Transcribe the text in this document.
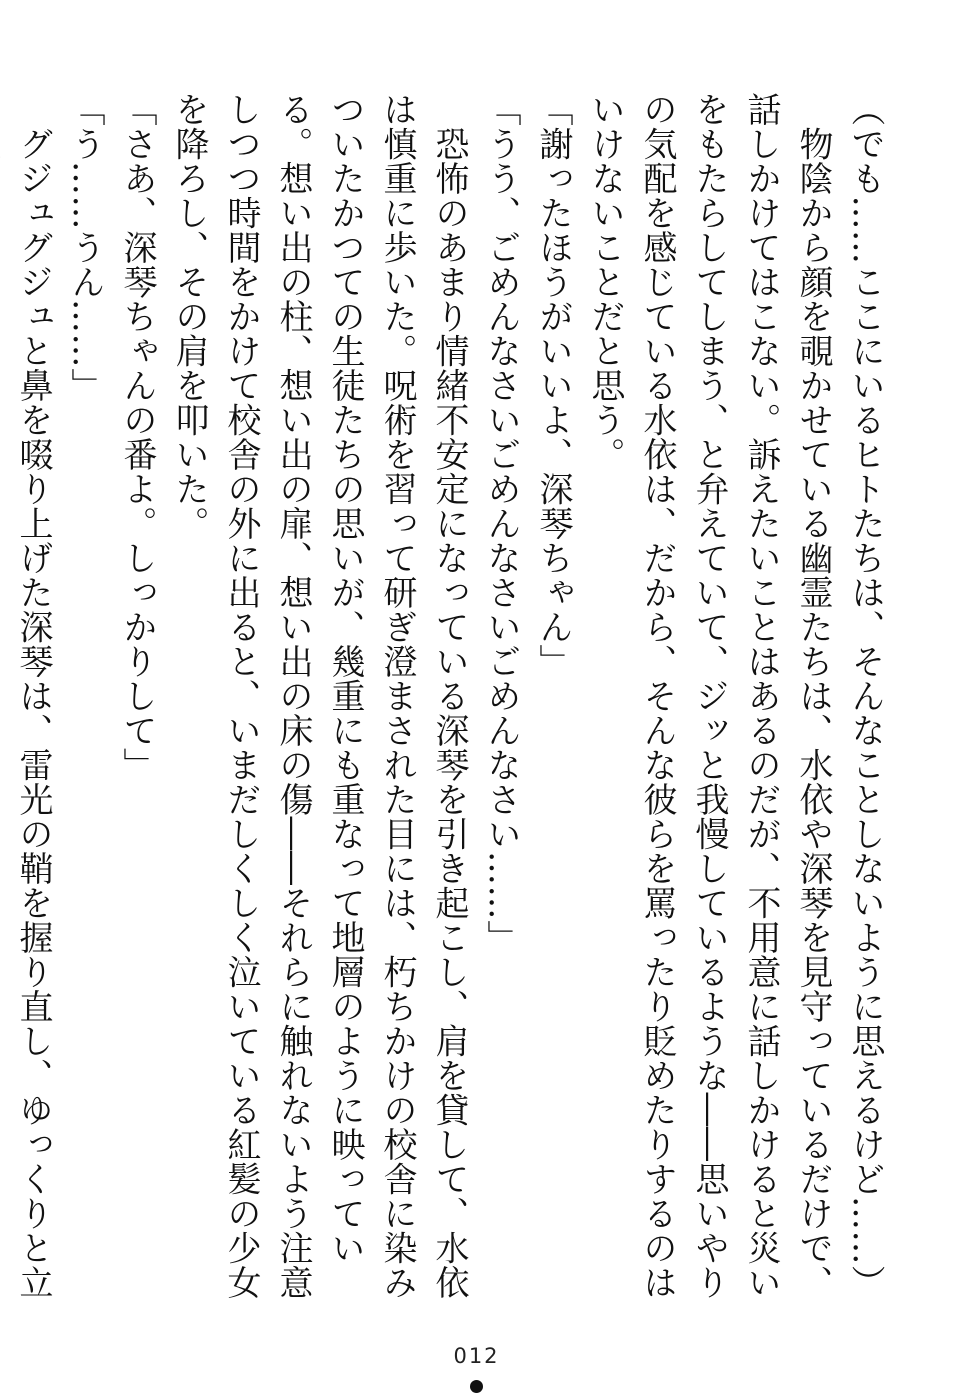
（でも……ここにいるヒトたちは、そんなことしないように思えるけど……）

　物陰から顔を覗かせている幽霊たちは、水依や深琴を見守っているだけで、話しかけてはこない。訴えたいことはあるのだが、不用意に話しかけると災いをもたらしてしまう、と弁えていて、ジッと我慢しているような――思いやりの気配を感じている水依は、だから、そんな彼らを罵ったり貶めたりするのはいけないことだと思う。

「謝ったほうがいいよ、深琴ちゃん」

「うう、ごめんなさいごめんなさいごめんなさい……」

　恐怖のあまり情緒不安定になっている深琴を引き起こし、肩を貸して、水依は慎重に歩いた。呪術を習って研ぎ澄まされた目には、朽ちかけの校舎に染みついたかつての生徒たちの思いが、幾重にも重なって地層のように映っている。想い出の柱、想い出の扉、想い出の床の傷――それらに触れないよう注意しつつ時間をかけて校舎の外に出ると、いまだしくしく泣いている紅髪の少女を降ろし、その肩を叩いた。

「さあ、深琴ちゃんの番よ。しっかりして」

「う……うん……」

　グジュグジュと鼻を啜り上げた深琴は、雷光の鞘を握り直し、ゆっくりと立

012
